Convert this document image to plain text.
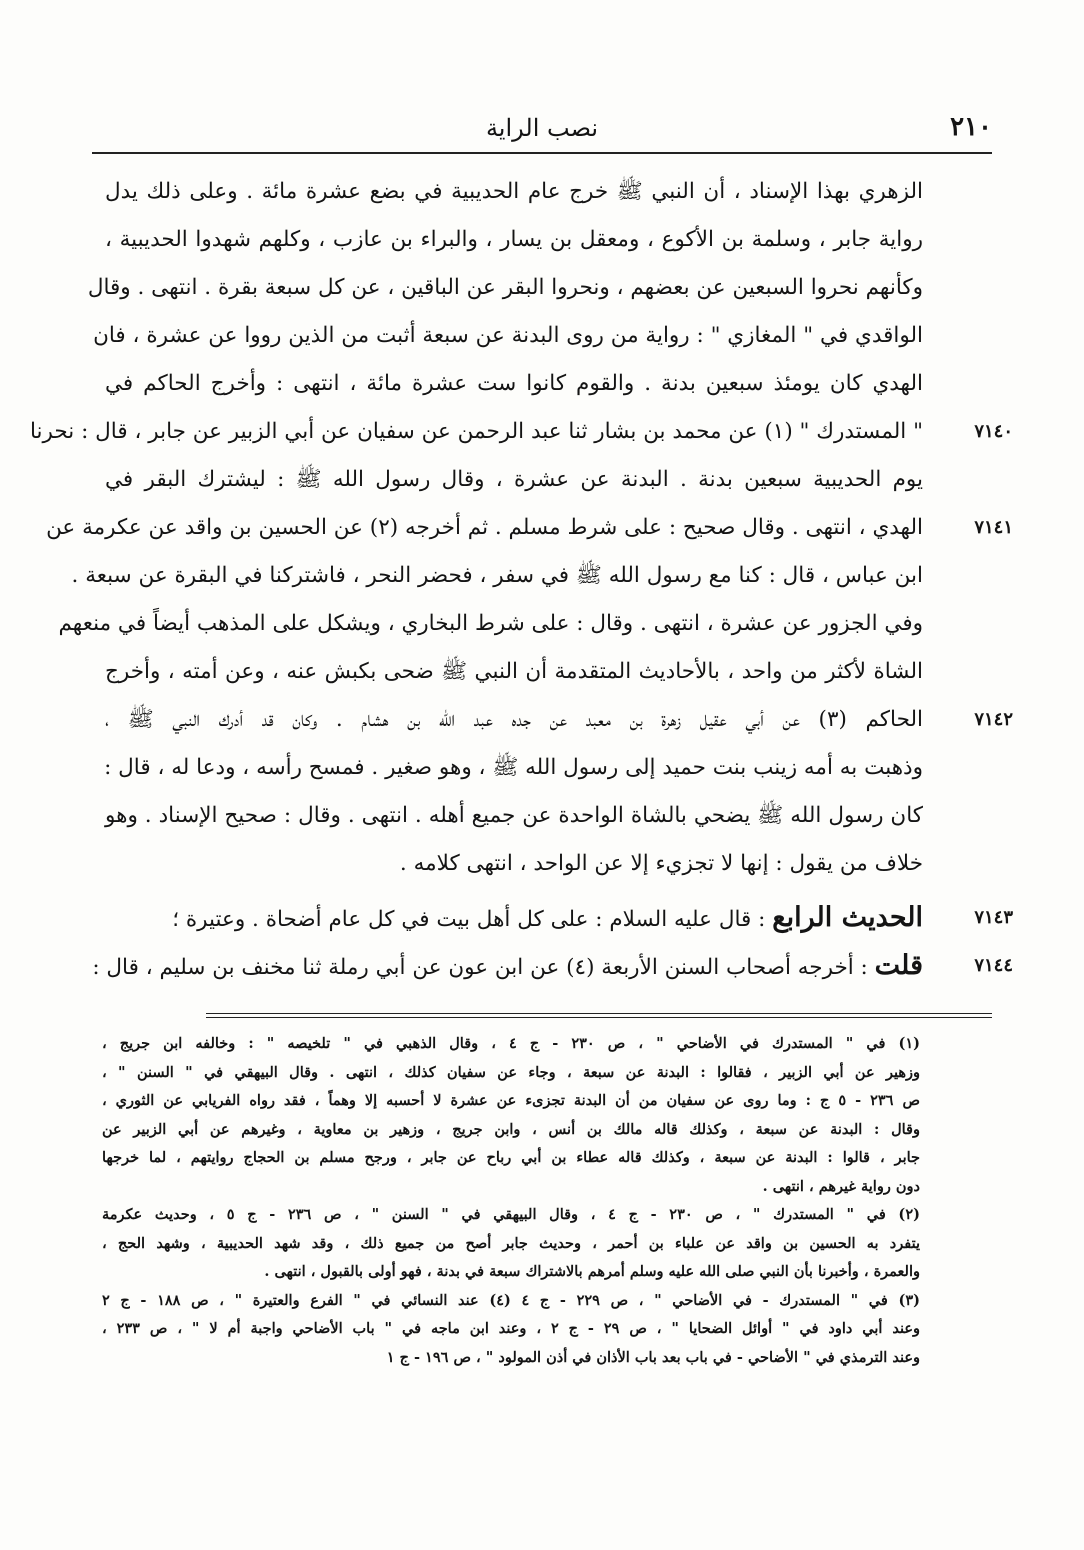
٢١٠
نصب الراية
الزهري بهذا الإسناد ، أن النبي ﷺ خرج عام الحديبية في بضع عشرة مائة . وعلى ذلك يدل
رواية جابر ، وسلمة بن الأكوع ، ومعقل بن يسار ، والبراء بن عازب ، وكلهم شهدوا الحديبية ،
وكأنهم نحروا السبعين عن بعضهم ، ونحروا البقر عن الباقين ، عن كل سبعة بقرة . انتهى . وقال
الواقدي في " المغازي " : رواية من روى البدنة عن سبعة أثبت من الذين رووا عن عشرة ، فان
الهدي كان يومئذ سبعين بدنة . والقوم كانوا ست عشرة مائة ، انتهى : وأخرج الحاكم في
٧١٤٠
" المستدرك " (١) عن محمد بن بشار ثنا عبد الرحمن عن سفيان عن أبي الزبير عن جابر ، قال : نحرنا
يوم الحديبية سبعين بدنة . البدنة عن عشرة ، وقال رسول الله ﷺ : ليشترك البقر في
٧١٤١
الهدي ، انتهى . وقال صحيح : على شرط مسلم . ثم أخرجه (٢) عن الحسين بن واقد عن عكرمة عن
ابن عباس ، قال : كنا مع رسول الله ﷺ في سفر ، فحضر النحر ، فاشتركنا في البقرة عن سبعة .
وفي الجزور عن عشرة ، انتهى . وقال : على شرط البخاري ، ويشكل على المذهب أيضاً في منعهم
الشاة لأكثر من واحد ، بالأحاديث المتقدمة أن النبي ﷺ ضحى بكبش عنه ، وعن أمته ، وأخرج
٧١٤٢
الحاكم (٣) عن أبي عقيل زهرة بن معبد عن جده عبد الله بن هشام . وكان قد أدرك النبي ﷺ ،
وذهبت به أمه زينب بنت حميد إلى رسول الله ﷺ ، وهو صغير . فمسح رأسه ، ودعا له ، قال :
كان رسول الله ﷺ يضحي بالشاة الواحدة عن جميع أهله . انتهى . وقال : صحيح الإسناد . وهو
خلاف من يقول : إنها لا تجزيء إلا عن الواحد ، انتهى كلامه .
٧١٤٣
الحديث الرابع : قال عليه السلام : على كل أهل بيت في كل عام أضحاة . وعتيرة ؛
٧١٤٤
قلت : أخرجه أصحاب السنن الأربعة (٤) عن ابن عون عن أبي رملة ثنا مخنف بن سليم ، قال :
(١) في " المستدرك في الأضاحي " ، ص ٢٣٠ - ج ٤ ، وقال الذهبي في " تلخيصه " : وخالفه ابن جريج ،
وزهير عن أبي الزبير ، فقالوا : البدنة عن سبعة ، وجاء عن سفيان كذلك ، انتهى . وقال البيهقي في " السنن " ،
ص ٢٣٦ - ٥ ج : وما روى عن سفيان من أن البدنة تجزىء عن عشرة لا أحسبه إلا وهماً ، فقد رواه الفريابي عن الثوري ،
وقال : البدنة عن سبعة ، وكذلك قاله مالك بن أنس ، وابن جريج ، وزهير بن معاوية ، وغيرهم عن أبي الزبير عن
جابر ، قالوا : البدنة عن سبعة ، وكذلك قاله عطاء بن أبي رباح عن جابر ، ورجح مسلم بن الحجاج روايتهم ، لما خرجها
دون رواية غيرهم ، انتهى .
(٢) في " المستدرك " ، ص ٢٣٠ - ج ٤ ، وقال البيهقي في " السنن " ، ص ٢٣٦ - ج ٥ ، وحديث عكرمة
يتفرد به الحسين بن واقد عن علباء بن أحمر ، وحديث جابر أصح من جميع ذلك ، وقد شهد الحديبية ، وشهد الحج ،
والعمرة ، وأخبرنا بأن النبي صلى الله عليه وسلم أمرهم بالاشتراك سبعة في بدنة ، فهو أولى بالقبول ، انتهى .
(٣) في " المستدرك - في الأضاحي " ، ص ٢٢٩ - ج ٤ (٤) عند النسائي في " الفرع والعتيرة " ، ص ١٨٨ - ج ٢
وعند أبي داود في " أوائل الضحايا " ، ص ٢٩ - ج ٢ ، وعند ابن ماجه في " باب الأضاحي واجبة أم لا " ، ص ٢٣٣ ،
وعند الترمذي في " الأضاحي - في باب بعد باب الأذان في أذن المولود " ، ص ١٩٦ - ج ١
